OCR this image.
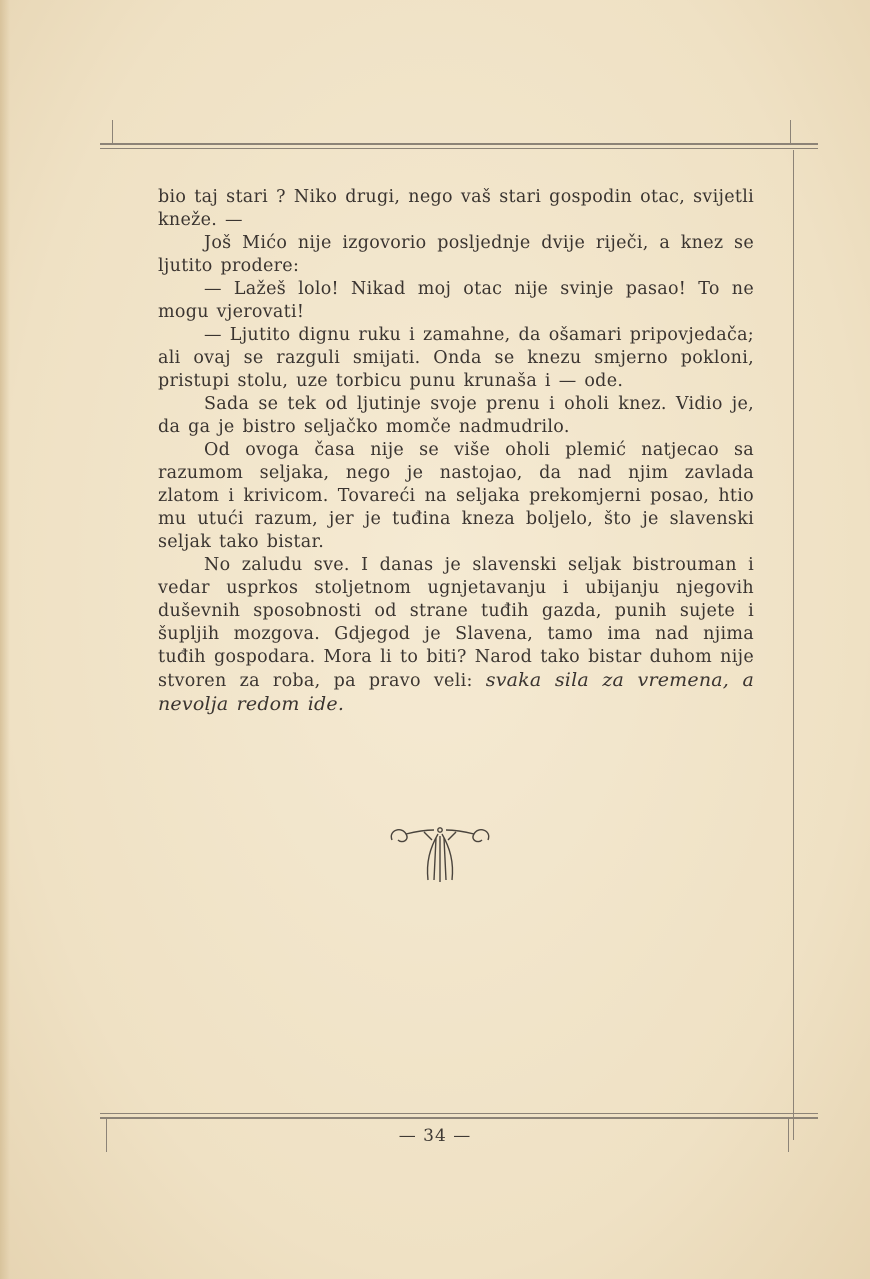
bio taj stari ? Niko drugi, nego vaš stari gospodin otac, svijetli kneže. —

Još Mićo nije izgovorio posljednje dvije riječi, a knez se ljutito prodere:

— Lažeš lolo! Nikad moj otac nije svinje pasao! To ne mogu vjerovati!

— Ljutito dignu ruku i zamahne, da ošamari pripovjedača; ali ovaj se razguli smijati. Onda se knezu smjerno pokloni, pristupi stolu, uze torbicu punu krunaša i — ode.

Sada se tek od ljutinje svoje prenu i oholi knez. Vidio je, da ga je bistro seljačko momče nadmudrilo.

Od ovoga časa nije se više oholi plemić natjecao sa razumom seljaka, nego je nastojao, da nad njim zavlada zlatom i krivicom. Tovareći na seljaka prekomjerni posao, htio mu utući razum, jer je tuđina kneza boljelo, što je slavenski seljak tako bistar.

No zaludu sve. I danas je slavenski seljak bistrouman i vedar usprkos stoljetnom ugnjetavanju i ubijanju njegovih duševnih sposobnosti od strane tuđih gazda, punih sujete i šupljih mozgova. Gdjegod je Slavena, tamo ima nad njima tuđih gospodara. Mora li to biti? Narod tako bistar duhom nije stvoren za roba, pa pravo veli: svaka sila za vremena, a nevolja redom ide.

— 34 —
